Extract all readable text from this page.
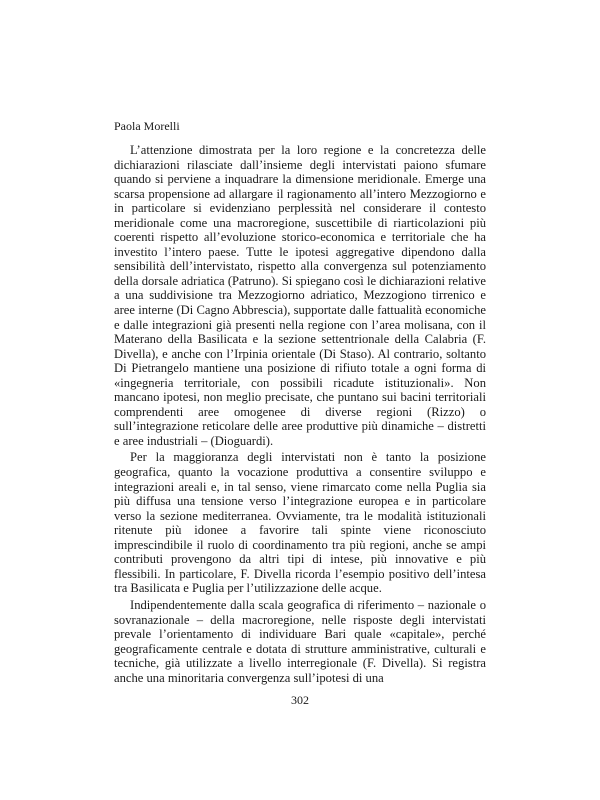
Paola Morelli

L’attenzione dimostrata per la loro regione e la concretezza delle dichiarazioni rilasciate dall’insieme degli intervistati paiono sfumare quando si perviene a inquadrare la dimensione meridionale. Emerge una scarsa propensione ad allargare il ragionamento all’intero Mezzogiorno e in particolare si evidenziano perplessità nel considerare il contesto meridionale come una macroregione, suscettibile di riarticolazioni più coerenti rispetto all’evoluzione storico-economica e territoriale che ha investito l’intero paese. Tutte le ipotesi aggregative dipendono dalla sensibilità dell’intervistato, rispetto alla convergenza sul potenziamento della dorsale adriatica (Patruno). Si spiegano così le dichiarazioni relative a una suddivisione tra Mezzogiorno adriatico, Mezzogiono tirrenico e aree interne (Di Cagno Abbrescia), supportate dalle fattualità economiche e dalle integrazioni già presenti nella regione con l’area molisana, con il Materano della Basilicata e la sezione settentrionale della Calabria (F. Divella), e anche con l’Irpinia orientale (Di Staso). Al contrario, soltanto Di Pietrangelo mantiene una posizione di rifiuto totale a ogni forma di «ingegneria territoriale, con possibili ricadute istituzionali». Non mancano ipotesi, non meglio precisate, che puntano sui bacini territoriali comprendenti aree omogenee di diverse regioni (Rizzo) o sull’integrazione reticolare delle aree produttive più dinamiche – distretti e aree industriali – (Dioguardi).

Per la maggioranza degli intervistati non è tanto la posizione geografica, quanto la vocazione produttiva a consentire sviluppo e integrazioni areali e, in tal senso, viene rimarcato come nella Puglia sia più diffusa una tensione verso l’integrazione europea e in particolare verso la sezione mediterranea. Ovviamente, tra le modalità istituzionali ritenute più idonee a favorire tali spinte viene riconosciuto imprescindibile il ruolo di coordinamento tra più regioni, anche se ampi contributi provengono da altri tipi di intese, più innovative e più flessibili. In particolare, F. Divella ricorda l’esempio positivo dell’intesa tra Basilicata e Puglia per l’utilizzazione delle acque.

Indipendentemente dalla scala geografica di riferimento – nazionale o sovranazionale – della macroregione, nelle risposte degli intervistati prevale l’orientamento di individuare Bari quale «capitale», perché geograficamente centrale e dotata di strutture amministrative, culturali e tecniche, già utilizzate a livello interregionale (F. Divella). Si registra anche una minoritaria convergenza sull’ipotesi di una

302
